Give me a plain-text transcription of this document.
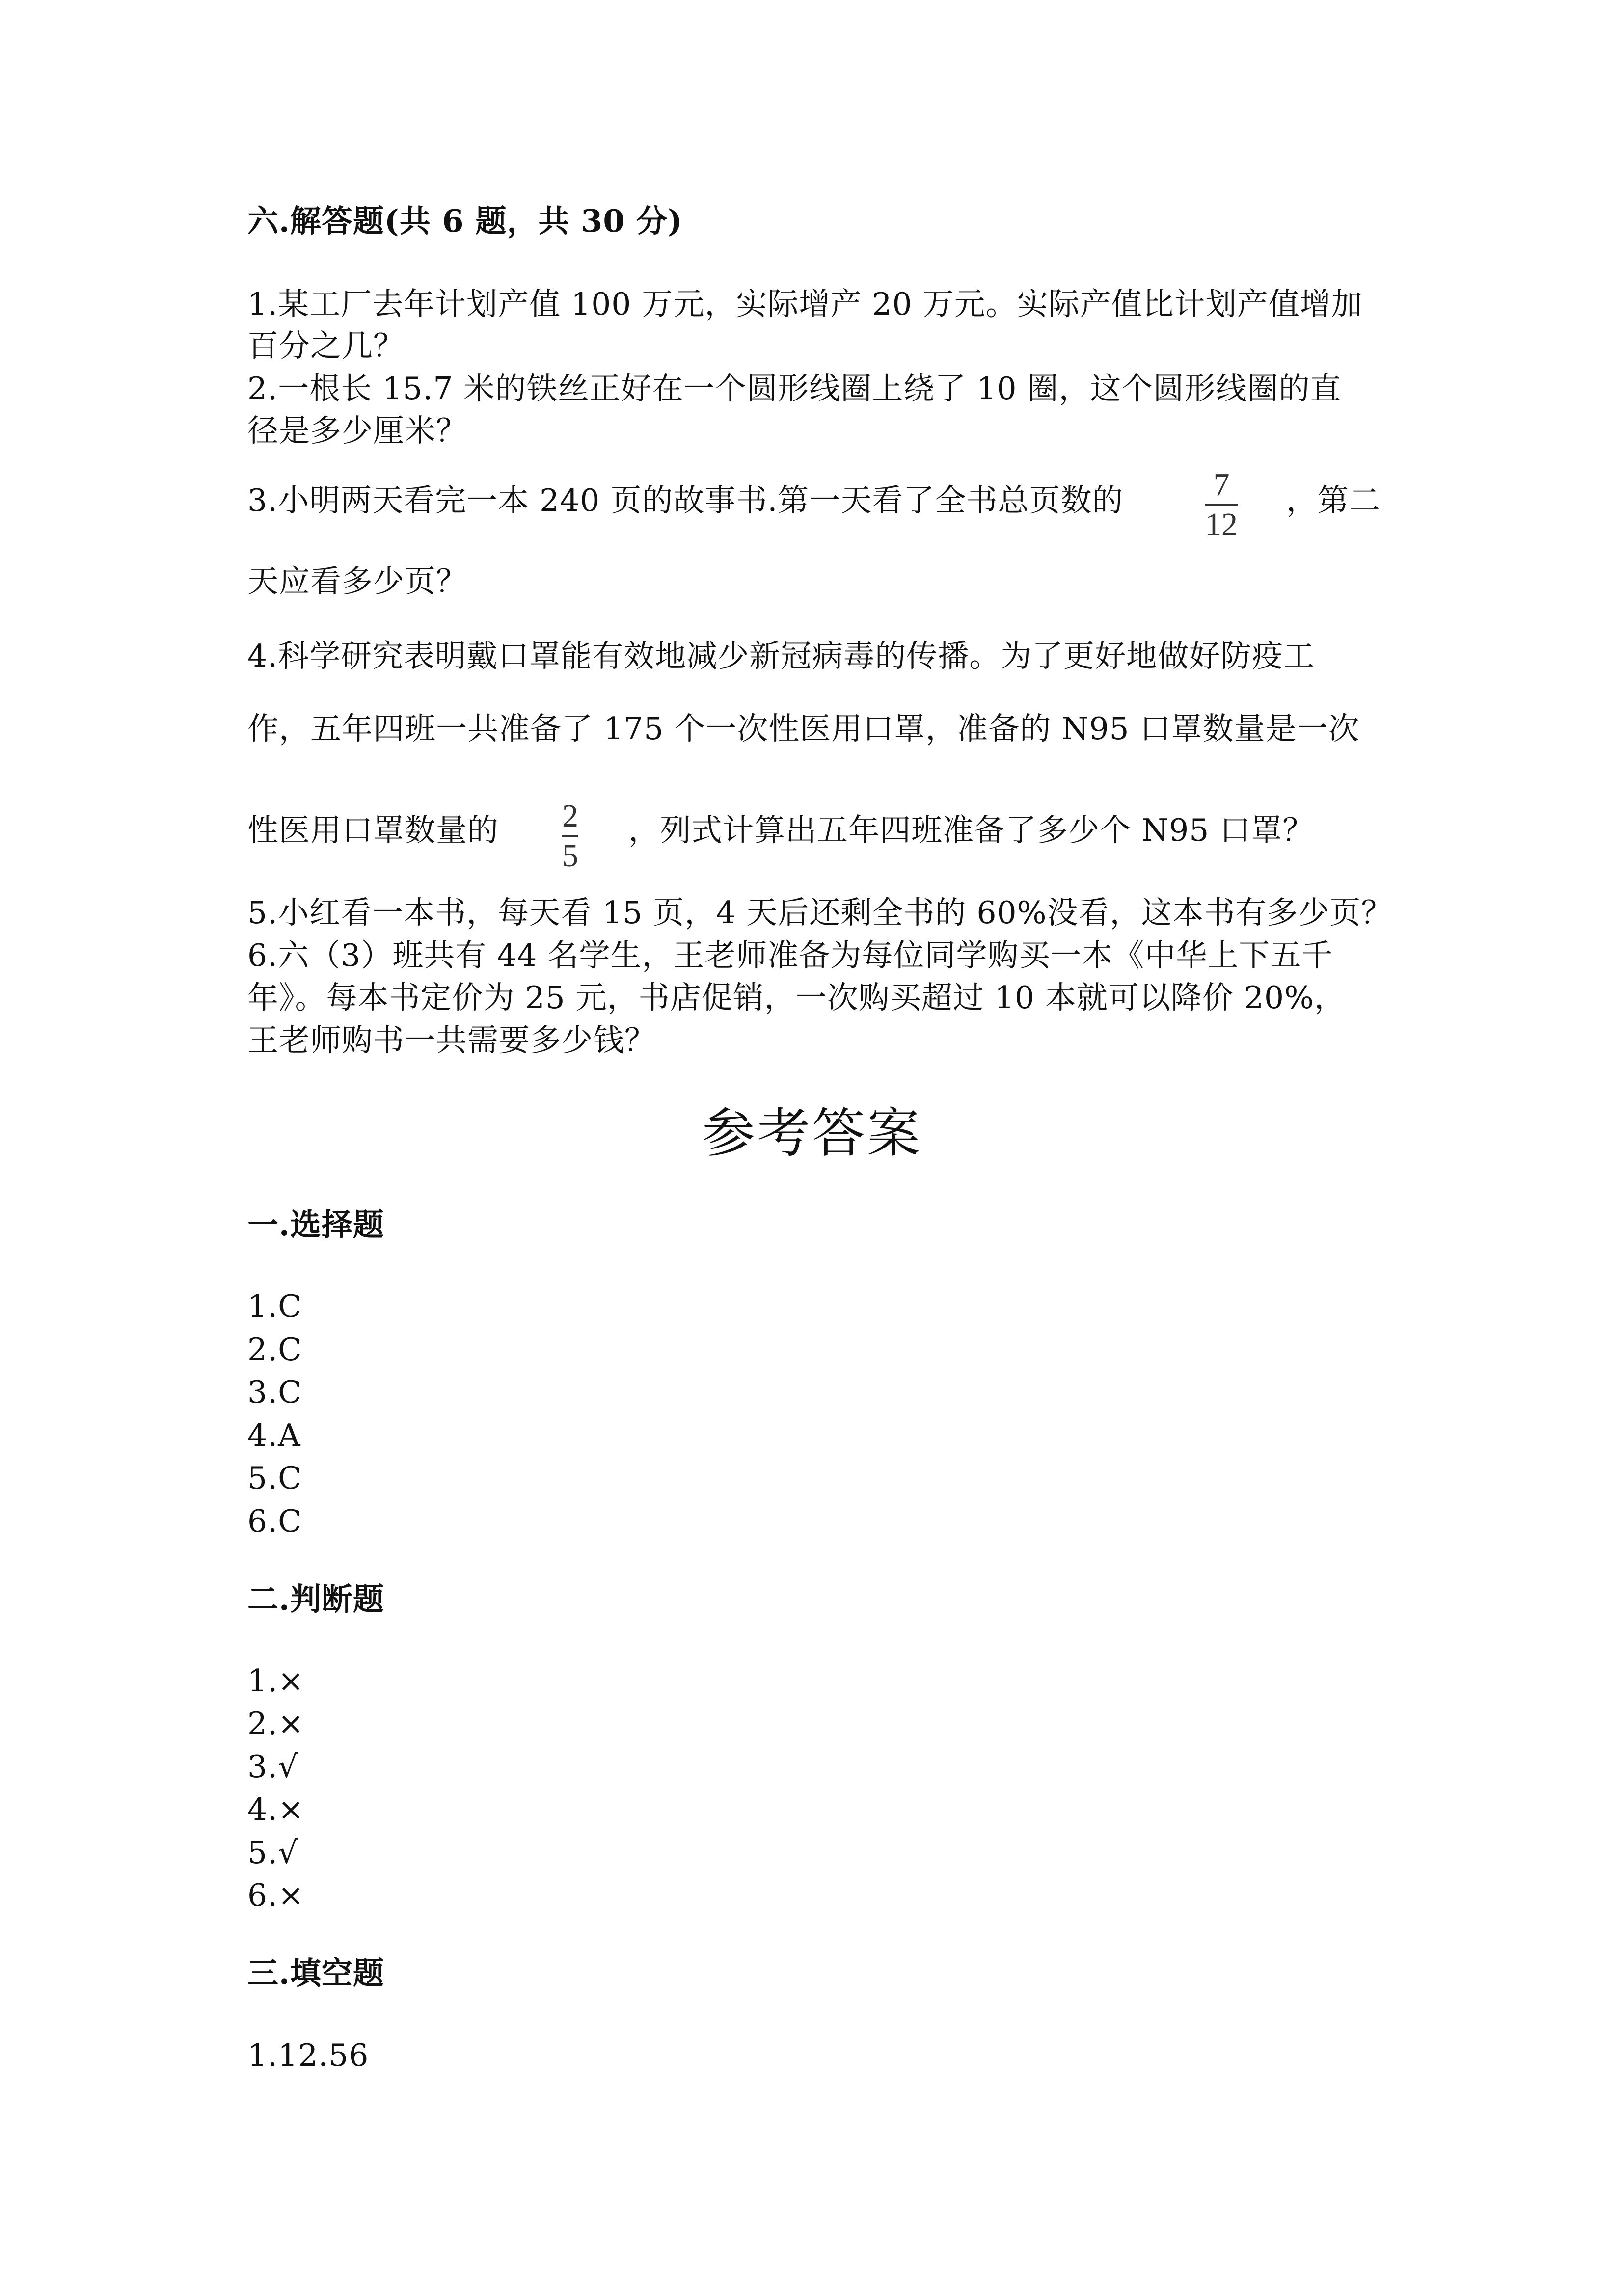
六.解答题(共 6 题，共 30 分)
1.某工厂去年计划产值 100 万元，实际增产 20 万元。实际产值比计划产值增加
百分之几？
2.一根长 15.7 米的铁丝正好在一个圆形线圈上绕了 10 圈，这个圆形线圈的直
径是多少厘米？
3.小明两天看完一本 240 页的故事书.第一天看了全书总页数的	7
12
，第二
天应看多少页？
4.科学研究表明戴口罩能有效地减少新冠病毒的传播。为了更好地做好防疫工
作，五年四班一共准备了 175 个一次性医用口罩，准备的 N95 口罩数量是一次
性医用口罩数量的 2
5
，列式计算出五年四班准备了多少个 N95 口罩？
5.小红看一本书，每天看 15 页，4 天后还剩全书的 60%没看，这本书有多少页？
6.六（3）班共有 44 名学生，王老师准备为每位同学购买一本《中华上下五千
年》。每本书定价为 25 元，书店促销，一次购买超过 10 本就可以降价 20%，
王老师购书一共需要多少钱？
参考答案
一.选择题
1.C
2.C
3.C
4.A
5.C
6.C
二.判断题
1.×
2.×
3.√
4.×
5.√
6.×
三.填空题
1.12.56
